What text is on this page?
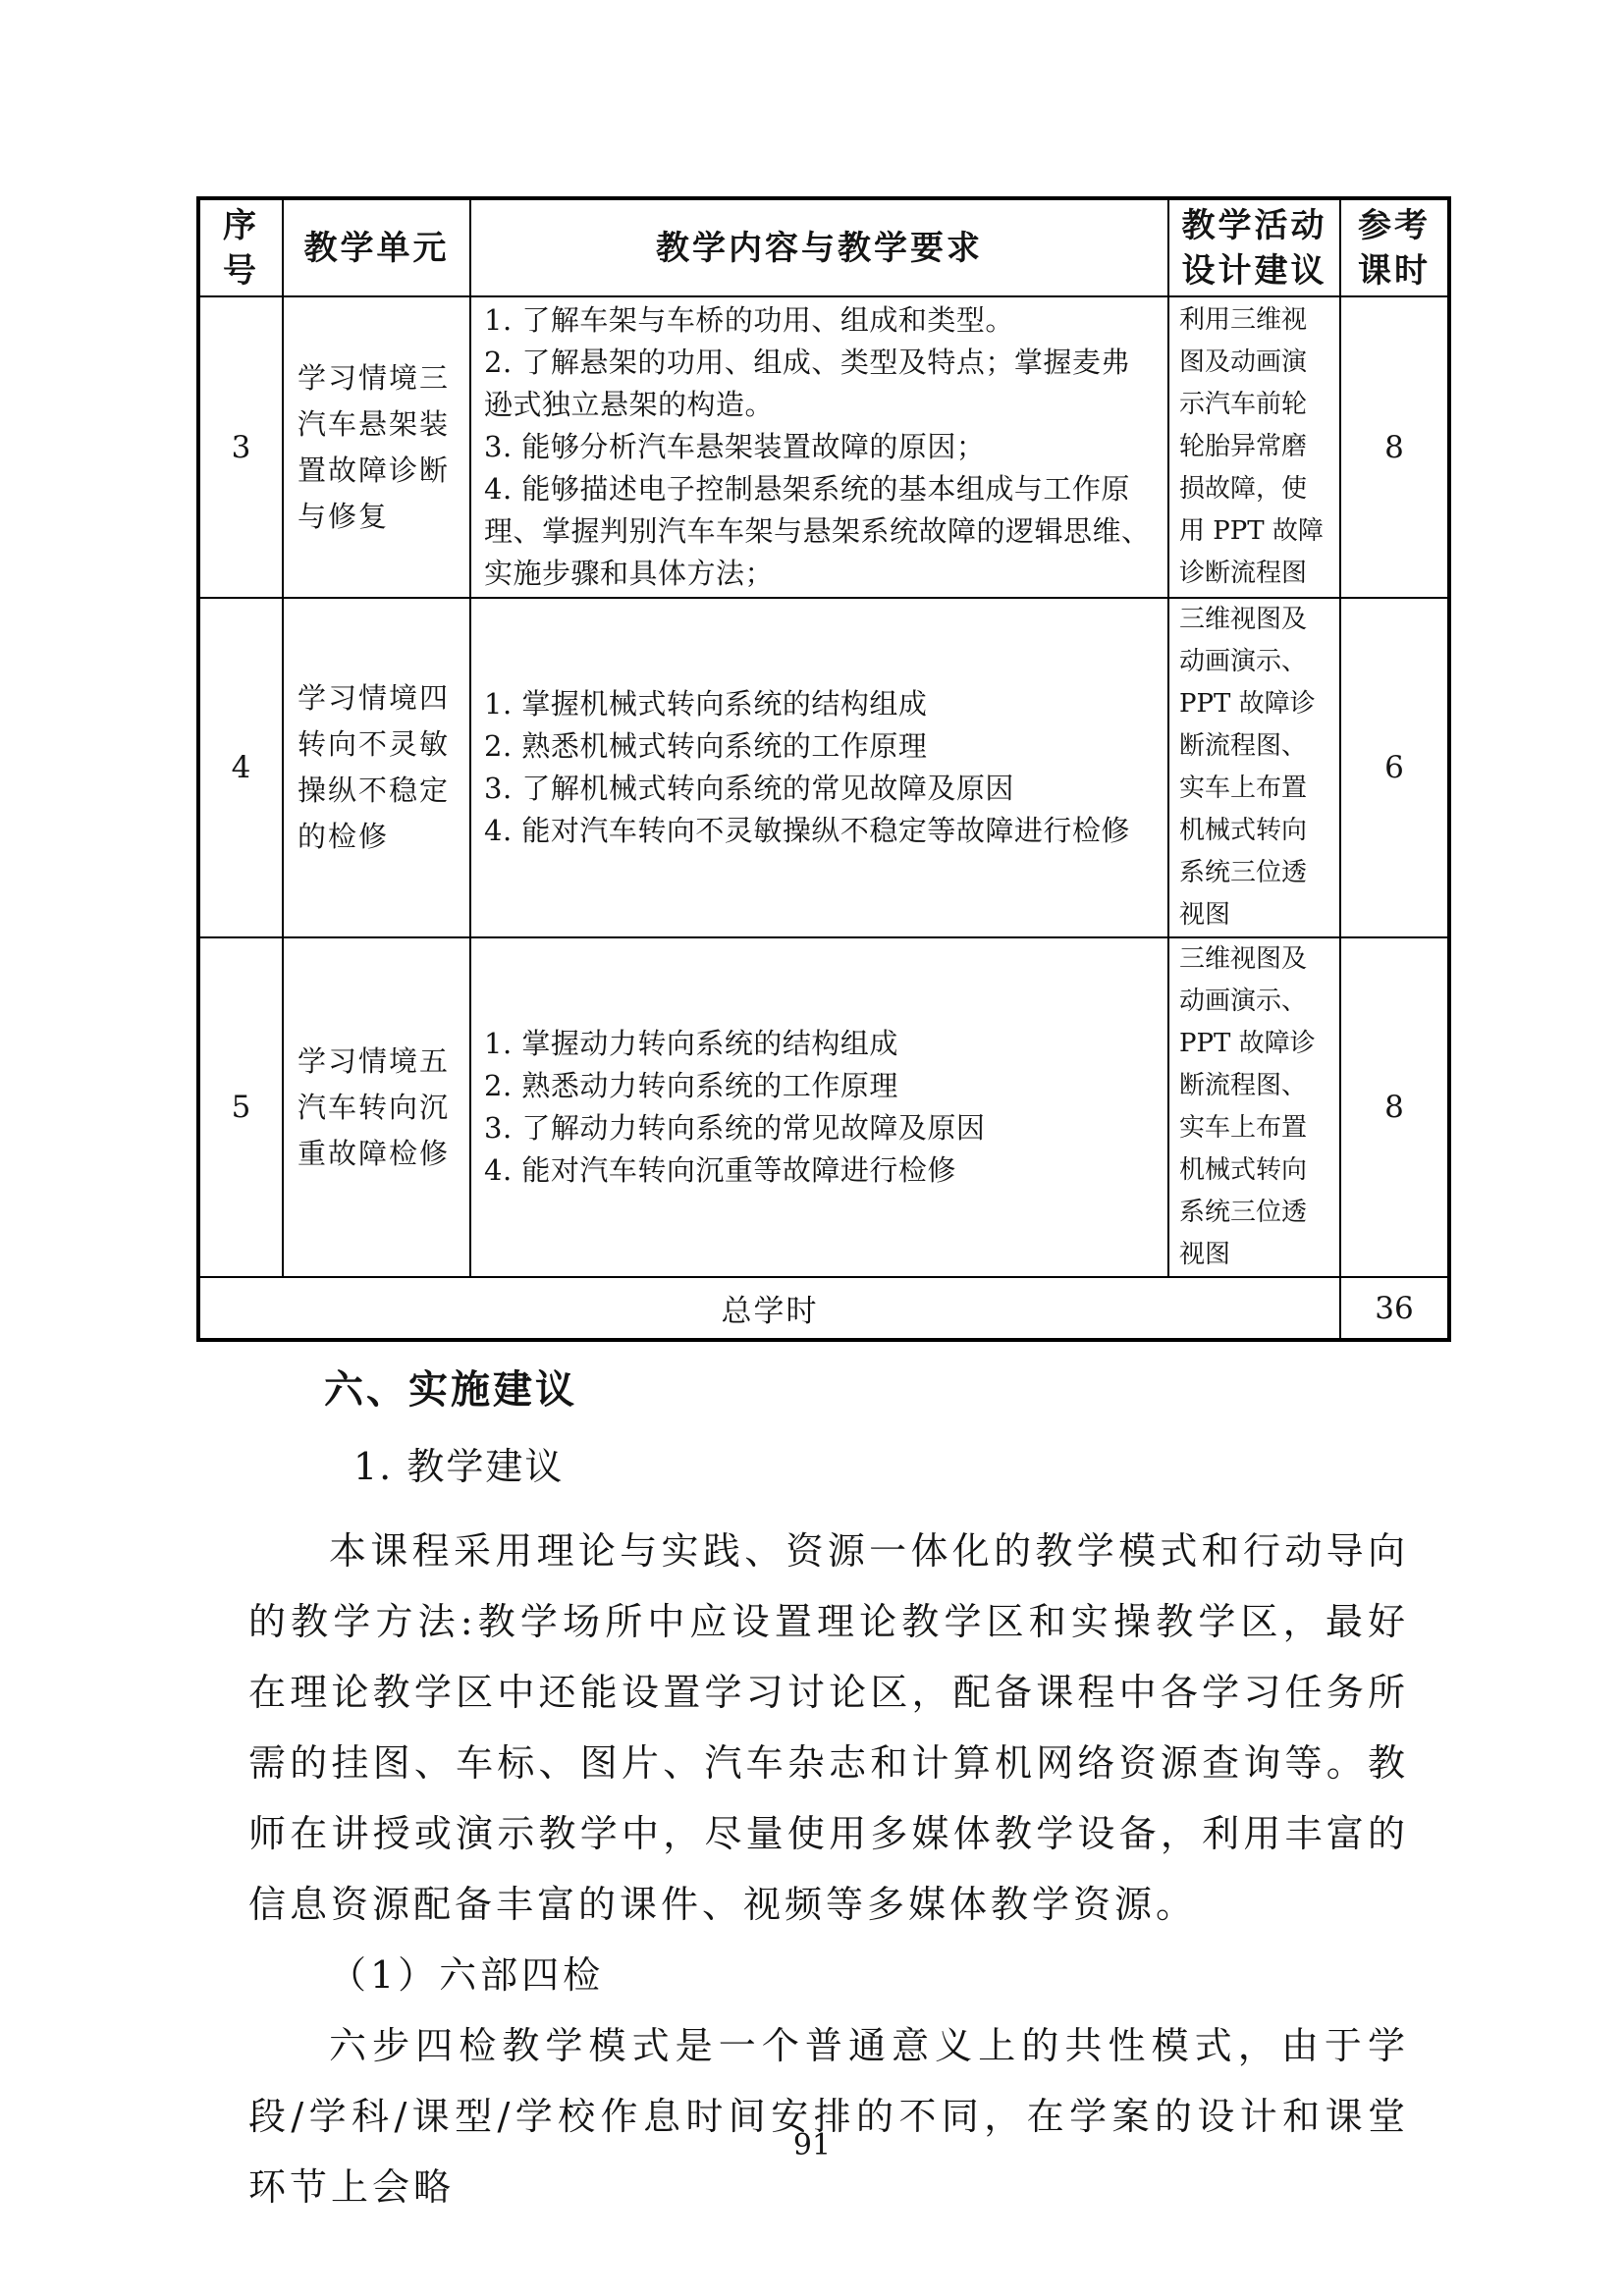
序号	教学单元	教学内容与教学要求	教学活动设计建议	参考课时
3	学习情境三汽车悬架装置故障诊断与修复	1. 了解车架与车桥的功用、组成和类型。
2. 了解悬架的功用、组成、类型及特点；掌握麦弗逊式独立悬架的构造。
3. 能够分析汽车悬架装置故障的原因；
4. 能够描述电子控制悬架系统的基本组成与工作原理、掌握判别汽车车架与悬架系统故障的逻辑思维、实施步骤和具体方法；	利用三维视图及动画演示汽车前轮轮胎异常磨损故障，使用 PPT 故障诊断流程图	8
4	学习情境四转向不灵敏操纵不稳定的检修	1. 掌握机械式转向系统的结构组成
2. 熟悉机械式转向系统的工作原理
3. 了解机械式转向系统的常见故障及原因
4. 能对汽车转向不灵敏操纵不稳定等故障进行检修	三维视图及动画演示、PPT 故障诊断流程图、实车上布置机械式转向系统三位透视图	6
5	学习情境五汽车转向沉重故障检修	1. 掌握动力转向系统的结构组成
2. 熟悉动力转向系统的工作原理
3. 了解动力转向系统的常见故障及原因
4. 能对汽车转向沉重等故障进行检修	三维视图及动画演示、PPT 故障诊断流程图、实车上布置机械式转向系统三位透视图	8
总学时				36
六、实施建议
1. 教学建议

本课程采用理论与实践、资源一体化的教学模式和行动导向的教学方法:教学场所中应设置理论教学区和实操教学区，最好在理论教学区中还能设置学习讨论区，配备课程中各学习任务所需的挂图、车标、图片、汽车杂志和计算机网络资源查询等。教师在讲授或演示教学中，尽量使用多媒体教学设备，利用丰富的信息资源配备丰富的课件、视频等多媒体教学资源。

（1）六部四检

六步四检教学模式是一个普通意义上的共性模式，由于学段/学科/课型/学校作息时间安排的不同，在学案的设计和课堂环节上会略

91
